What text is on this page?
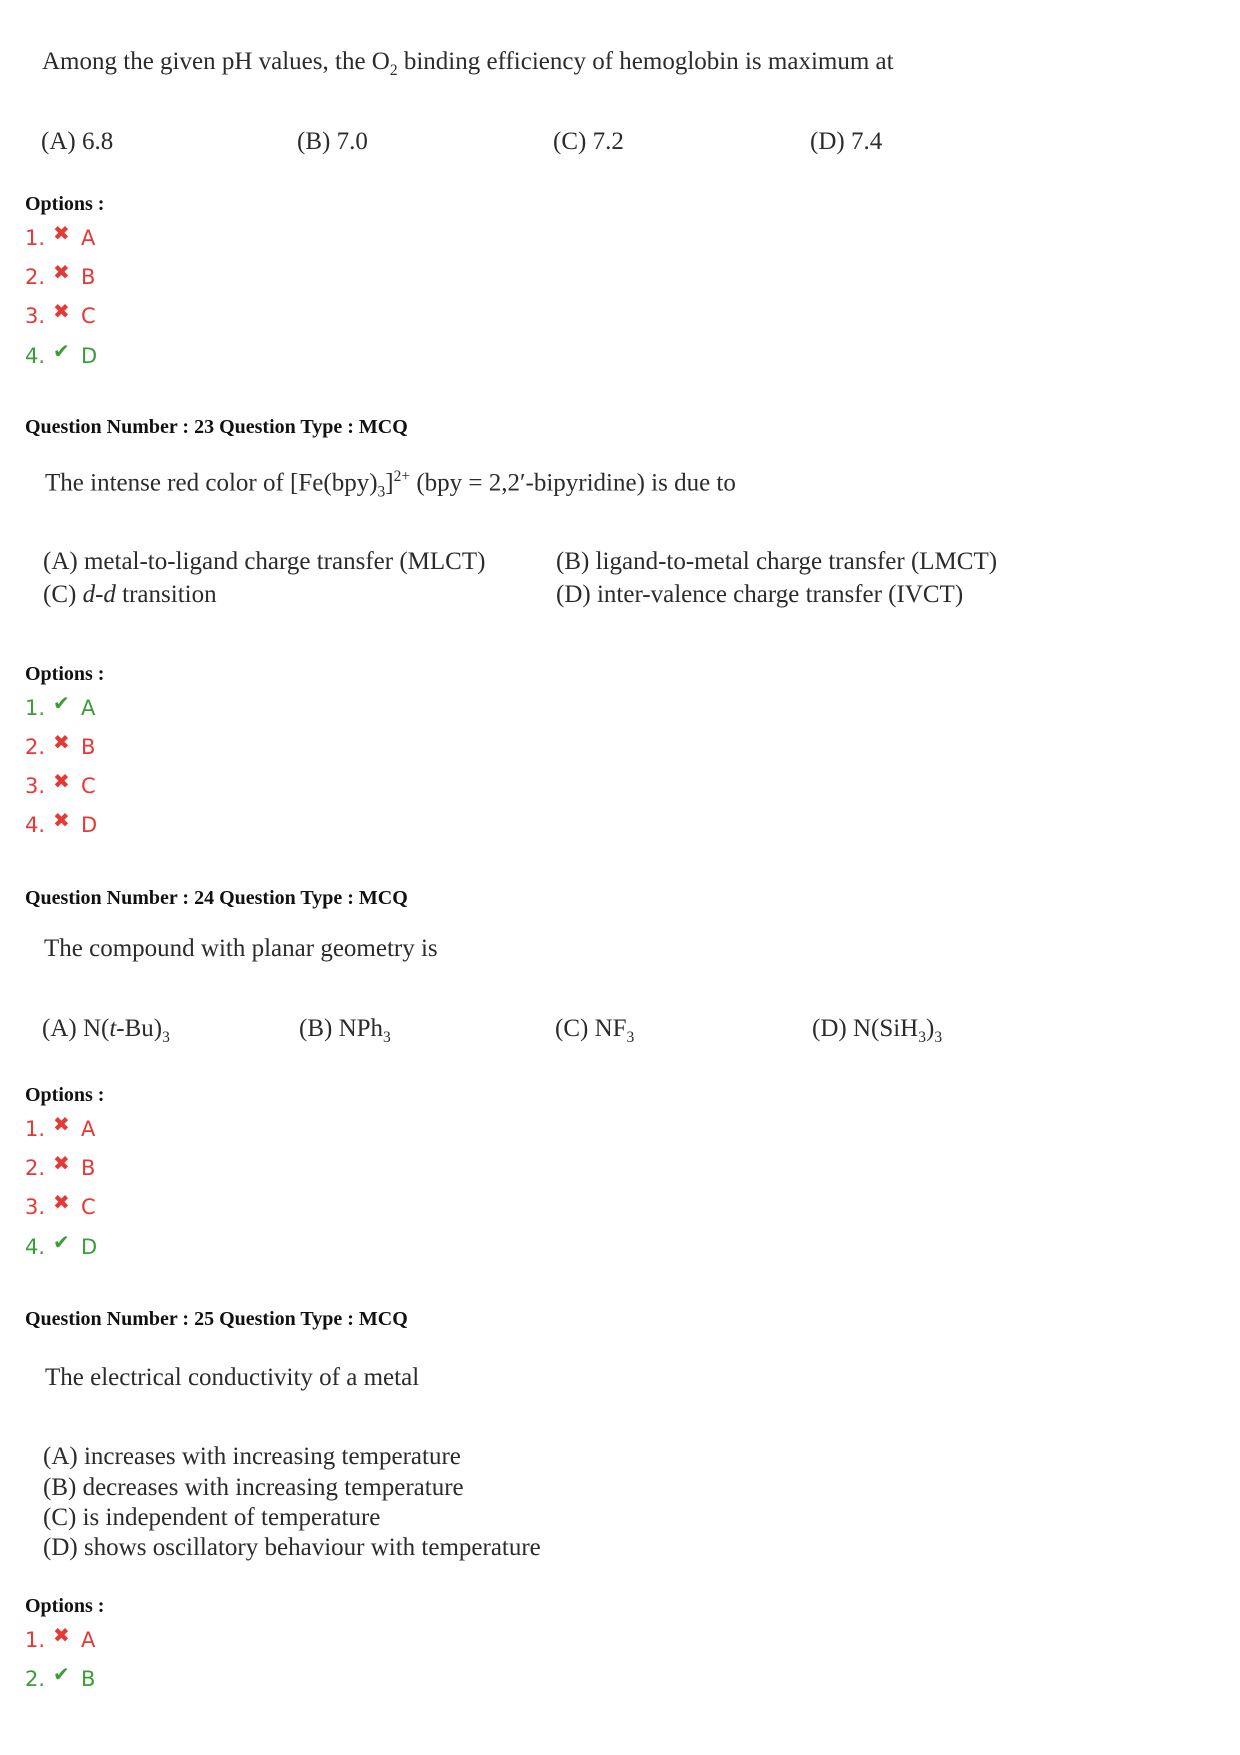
Among the given pH values, the $O_2$ binding efficiency of hemoglobin is maximum at
(A) 6.8	(B) 7.0	(C) 7.2	(D) 7.4
Options :
1. ✖ A
2. ✖ B
3. ✖ C
4. ✔ D
Question Number : 23 Question Type : MCQ
The intense red color of $[Fe(bpy)_3]^{2+}$ (bpy = 2,2′-bipyridine) is due to
(A) metal-to-ligand charge transfer (MLCT)	(B) ligand-to-metal charge transfer (LMCT)
(C) d-d transition	(D) inter-valence charge transfer (IVCT)
Options :
1. ✔ A
2. ✖ B
3. ✖ C
4. ✖ D
Question Number : 24 Question Type : MCQ
The compound with planar geometry is
(A) $N(t-Bu)_3$	(B) NPh$_3$	(C) $NF_3$	(D) $N(SiH_3)_3$
Options :
1. ✖ A
2. ✖ B
3. ✖ C
4. ✔ D
Question Number : 25 Question Type : MCQ
The electrical conductivity of a metal
(A) increases with increasing temperature
(B) decreases with increasing temperature
(C) is independent of temperature
(D) shows oscillatory behaviour with temperature
Options :
1. ✖ A
2. ✔ B
